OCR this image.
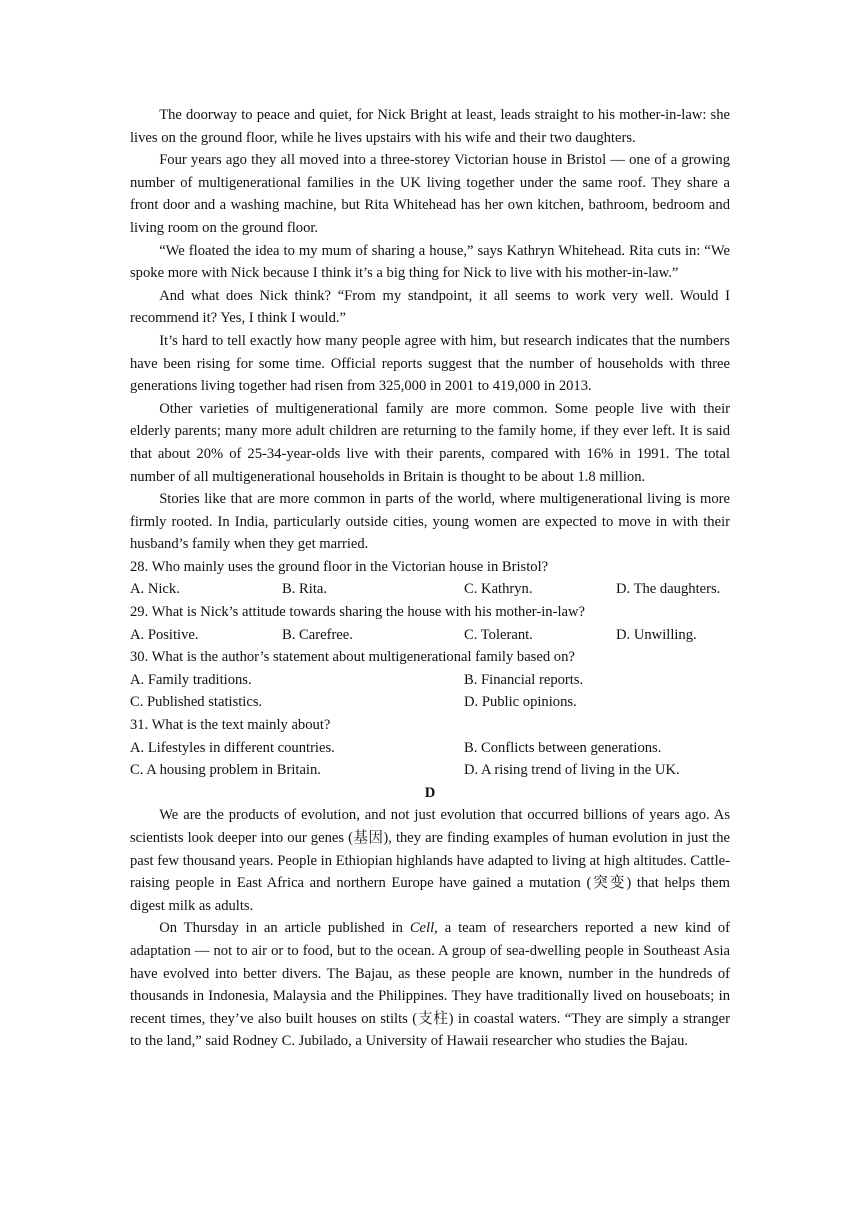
The doorway to peace and quiet, for Nick Bright at least, leads straight to his mother-in-law: she lives on the ground floor, while he lives upstairs with his wife and their two daughters.

Four years ago they all moved into a three-storey Victorian house in Bristol — one of a growing number of multigenerational families in the UK living together under the same roof. They share a front door and a washing machine, but Rita Whitehead has her own kitchen, bathroom, bedroom and living room on the ground floor.

“We floated the idea to my mum of sharing a house,” says Kathryn Whitehead. Rita cuts in: “We spoke more with Nick because I think it’s a big thing for Nick to live with his mother-in-law.”

And what does Nick think? “From my standpoint, it all seems to work very well. Would I recommend it? Yes, I think I would.”

It’s hard to tell exactly how many people agree with him, but research indicates that the numbers have been rising for some time. Official reports suggest that the number of households with three generations living together had risen from 325,000 in 2001 to 419,000 in 2013.

Other varieties of multigenerational family are more common. Some people live with their elderly parents; many more adult children are returning to the family home, if they ever left. It is said that about 20% of 25-34-year-olds live with their parents, compared with 16% in 1991. The total number of all multigenerational households in Britain is thought to be about 1.8 million.

Stories like that are more common in parts of the world, where multigenerational living is more firmly rooted. In India, particularly outside cities, young women are expected to move in with their husband’s family when they get married.

28. Who mainly uses the ground floor in the Victorian house in Bristol?

A. Nick.	B. Rita.	C. Kathryn.	D. The daughters.

29. What is Nick’s attitude towards sharing the house with his mother-in-law?

A. Positive.	B. Carefree.	C. Tolerant.	D. Unwilling.

30. What is the author’s statement about multigenerational family based on?

A. Family traditions.	B. Financial reports.
C. Published statistics.	D. Public opinions.

31. What is the text mainly about?

A. Lifestyles in different countries.	B. Conflicts between generations.
C. A housing problem in Britain.	D. A rising trend of living in the UK.

D

We are the products of evolution, and not just evolution that occurred billions of years ago. As scientists look deeper into our genes (基因), they are finding examples of human evolution in just the past few thousand years. People in Ethiopian highlands have adapted to living at high altitudes. Cattle-raising people in East Africa and northern Europe have gained a mutation (突变) that helps them digest milk as adults.

On Thursday in an article published in Cell, a team of researchers reported a new kind of adaptation — not to air or to food, but to the ocean. A group of sea-dwelling people in Southeast Asia have evolved into better divers. The Bajau, as these people are known, number in the hundreds of thousands in Indonesia, Malaysia and the Philippines. They have traditionally lived on houseboats; in recent times, they’ve also built houses on stilts (支柱) in coastal waters. “They are simply a stranger to the land,” said Rodney C. Jubilado, a University of Hawaii researcher who studies the Bajau.
